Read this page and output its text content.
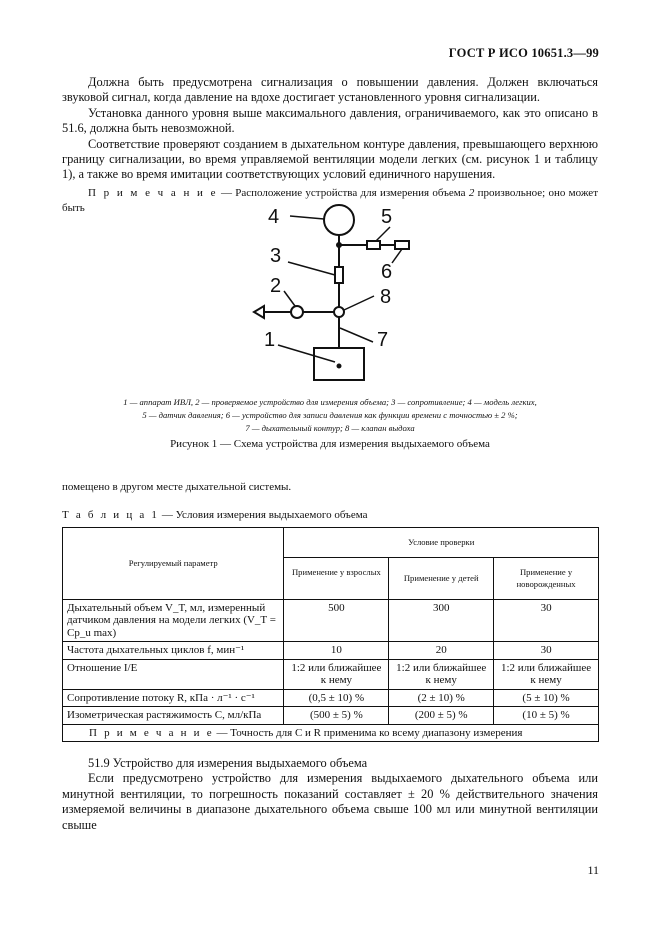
ГОСТ Р ИСО 10651.3—99

Должна быть предусмотрена сигнализация о повышении давления. Должен включаться звуковой сигнал, когда давление на вдохе достигает установленного уровня сигнализации.

Установка данного уровня выше максимального давления, ограничиваемого, как это описано в 51.6, должна быть невозможной.

Соответствие проверяют созданием в дыхательном контуре давления, превышающего верхнюю границу сигнализации, во время управляемой вентиляции модели легких (см. рисунок 1 и таблицу 1), а также во время имитации соответствующих условий единичного нарушения.

П р и м е ч а н и е — Расположение устройства для измерения объема 2 произвольное; оно может быть	4	5
6
3
2	8
7
1
1 — аппарат ИВЛ, 2 — проверяемое устройство для измерения объема; 3 — сопротивление; 4 — модель легких,
5 — датчик давления; 6 — устройство для записи давления как функции времени с точностью ± 2 %;
7 — дыхательный контур; 8 — клапан выдоха
Рисунок 1 — Схема устройства для измерения выдыхаемого объема
помещено в другом месте дыхательной системы.
Т а б л и ц а 1 — Условия измерения выдыхаемого объема
Регулируемый параметр	Условие проверки		
	Применение у взрослых	Применение у детей	Применение у новорожденных
Дыхательный объем V_T, мл, измеренный датчиком давления на модели легких (V_T = Cp_u max)	500	300	30
Частота дыхательных циклов f, мин⁻¹	10	20	30
Отношение I/E	1:2 или ближайшее к нему	1:2 или ближайшее к нему	1:2 или ближайшее к нему
Сопротивление потоку R, кПа · л⁻¹ · с⁻¹	(0,5 ± 10) %	(2 ± 10) %	(5 ± 10) %
Изометрическая растяжимость C, мл/кПа	(500 ± 5) %	(200 ± 5) %	(10 ± 5) %
П р и м е ч а н и е — Точность для C и R применима ко всему диапазону измерения			

51.9 Устройство для измерения выдыхаемого объема

Если предусмотрено устройство для измерения выдыхаемого дыхательного объема или минутной вентиляции, то погрешность показаний составляет ± 20 % действительного значения измеряемой величины в диапазоне дыхательного объема свыше 100 мл или минутной вентиляции свыше

11
